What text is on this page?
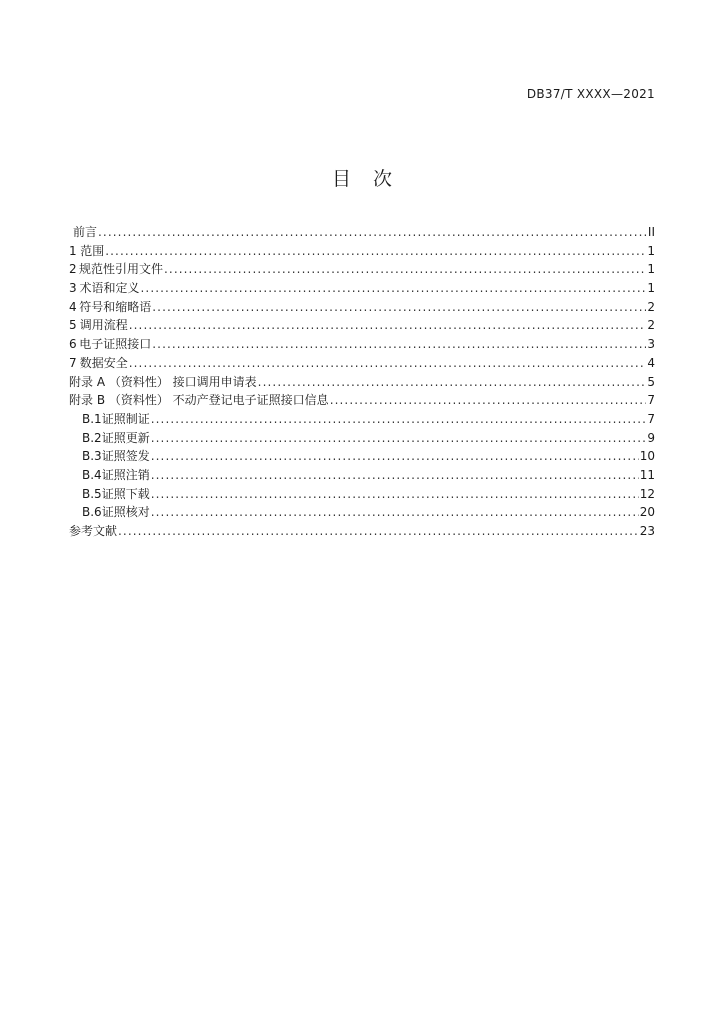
DB37/T XXXX—2021
目 次
前言 .....	II
1 范围 .....	1
2 规范性引用文件 .....	1
3 术语和定义 .....	1
4 符号和缩略语 .....	2
5 调用流程 .....	2
6 电子证照接口 .....	3
7 数据安全 .....	4
附录 A （资料性） 接口调用申请表 .....	5
附录 B （资料性） 不动产登记电子证照接口信息 .....	7
B.1 证照制证 .....	7
B.2 证照更新 .....	9
B.3 证照签发 .....	10
B.4 证照注销 .....	11
B.5 证照下载 .....	12
B.6 证照核对 .....	20
参考文献 .....	23
